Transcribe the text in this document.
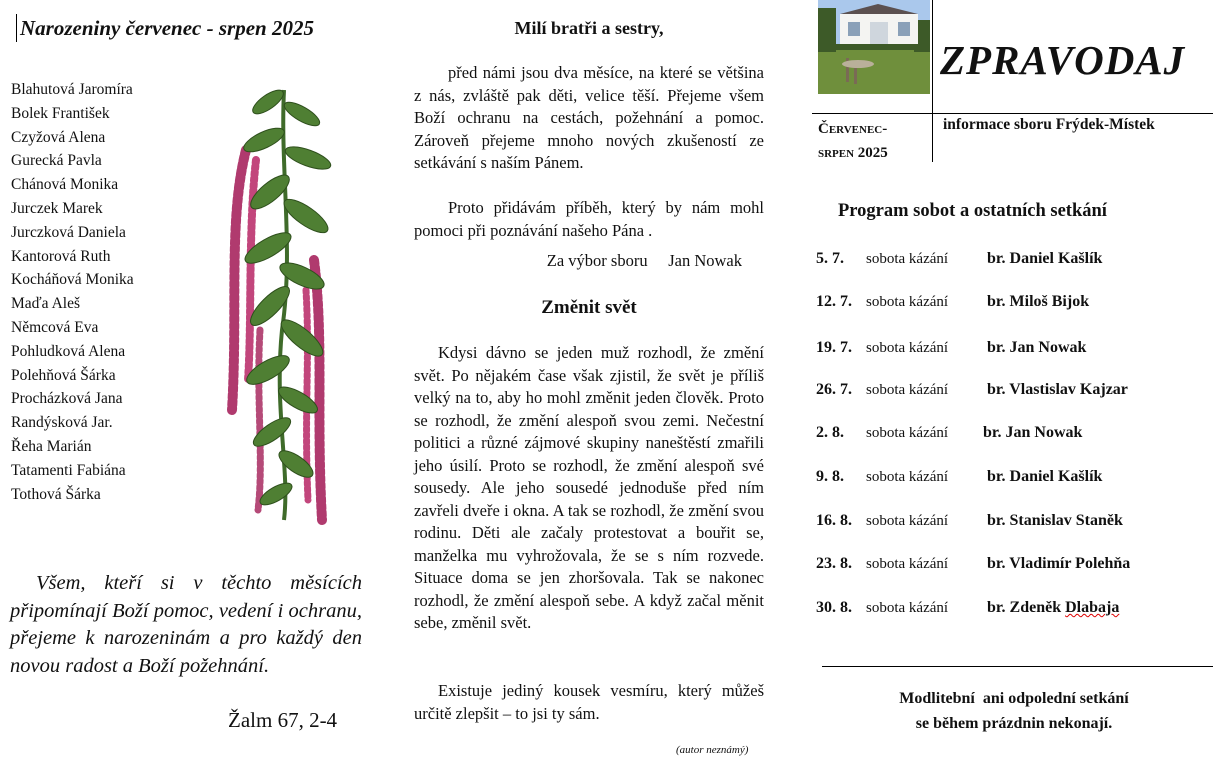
Narozeniny červenec - srpen 2025
Blahutová Jaromíra
Bolek František
Czyžová Alena
Gurecká Pavla
Chánová Monika
Jurczek Marek
Jurczková Daniela
Kantorová Ruth
Kocháňová Monika
Maďa Aleš
Němcová Eva
Pohludková Alena
Polehňová Šárka
Procházková Jana
Randýsková Jar.
Řeha Marián
Tatamenti Fabiána
Tothová Šárka

Všem, kteří si v těchto měsících připomínají Boží pomoc, vedení i ochranu, přejeme k narozeninám a pro každý den novou radost a Boží požehnání.

Žalm 67, 2-4
Milí bratři a sestry,

před námi jsou dva měsíce, na které se většina z nás, zvláště pak děti, velice těší. Přejeme všem Boží ochranu na cestách, požehnání a pomoc. Zároveň přejeme mnoho nových zkušeností ze setkávání s naším Pánem.

Proto přidávám příběh, který by nám mohl pomoci při poznávání našeho Pána .

Za výbor sboru     Jan Nowak
Změnit svět

Kdysi dávno se jeden muž rozhodl, že změní svět. Po nějakém čase však zjistil, že svět je příliš velký na to, aby ho mohl změnit jeden člověk. Proto se rozhodl, že změní alespoň svou zemi. Nečestní politici a různé zájmové skupiny naneštěstí zmařili jeho úsilí. Proto se rozhodl, že změní alespoň své sousedy. Ale jeho sousedé jednoduše před ním zavřeli dveře i okna. A tak se rozhodl, že změní svou rodinu. Děti ale začaly protestovat a bouřit se, manželka mu vyhrožovala, že se s ním rozvede. Situace doma se jen zhoršovala. Tak se nakonec rozhodl, že změní alespoň sebe. A když začal měnit sebe, změnil svět.

Existuje jediný kousek vesmíru, který můžeš určitě zlepšit – to jsi ty sám.

(autor neznámý)
ZPRAVODAJ
Červenec-
srpen 2025
informace sboru Frýdek-Místek
Program sobot a ostatních setkání
5. 7. sobota kázání br. Daniel Kašlík
12. 7. sobota kázání br. Miloš Bijok
19. 7. sobota kázání br. Jan Nowak
26. 7. sobota kázání br. Vlastislav Kajzar
2. 8. sobota kázání br. Jan Nowak
9. 8. sobota kázání br. Daniel Kašlík
16. 8. sobota kázání br. Stanislav Staněk
23. 8. sobota kázání br. Vladimír Polehňa
30. 8. sobota kázání br. Zdeněk Dlabaja
Modlitební  ani odpolední setkání
se během prázdnin nekonají.
